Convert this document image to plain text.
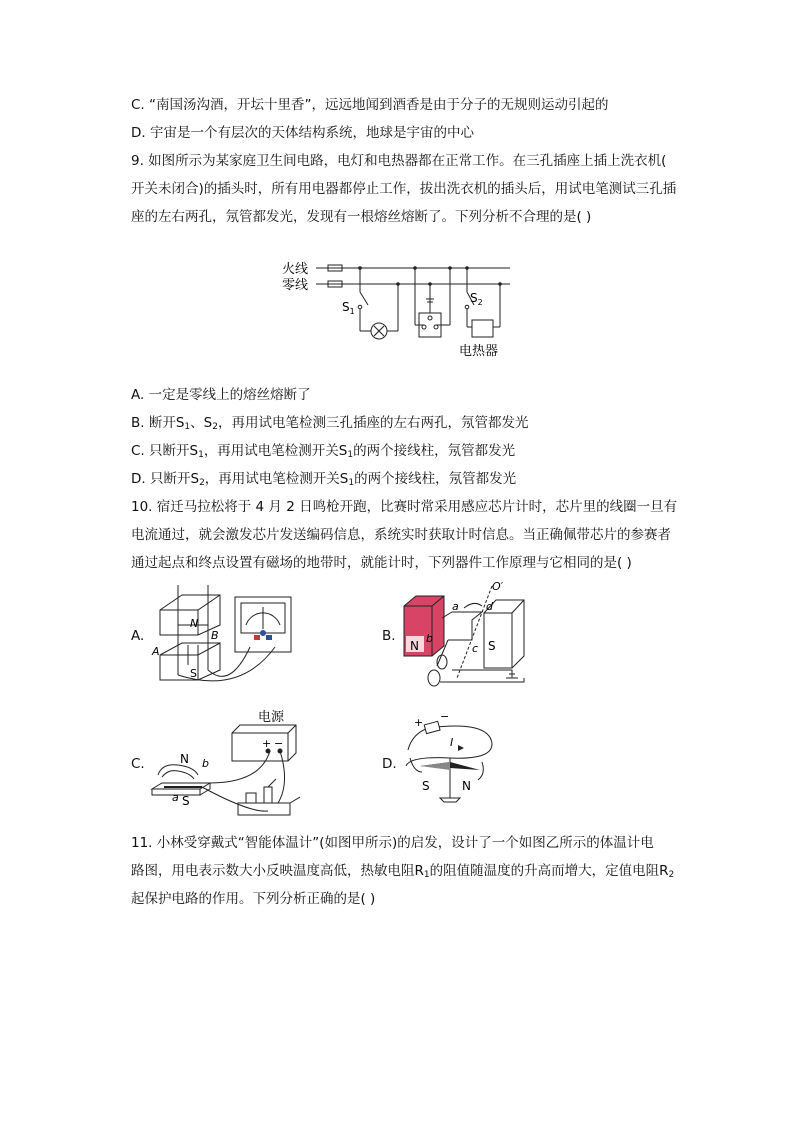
C. “南国汤沟酒，开坛十里香”，远远地闻到酒香是由于分子的无规则运动引起的
D. 宇宙是一个有层次的天体结构系统，地球是宇宙的中心
9. 如图所示为某家庭卫生间电路，电灯和电热器都在正常工作。在三孔插座上插上洗衣机(
开关未闭合)的插头时，所有用电器都停止工作，拔出洗衣机的插头后，用试电笔测试三孔插
座的左右两孔，氖管都发光，发现有一根熔丝熔断了。下列分析不合理的是( )
火线
零线
$S_1$
$S_2$
电热器
A. 一定是零线上的熔丝熔断了
B. 断开$S_1$、$S_2$，再用试电笔检测三孔插座的左右两孔，氖管都发光
C. 只断开$S_1$，再用试电笔检测开关$S_1$的两个接线柱，氖管都发光
D. 只断开$S_2$，再用试电笔检测开关$S_1$的两个接线柱，氖管都发光
10. 宿迁马拉松将于 4 月 2 日鸣枪开跑，比赛时常采用感应芯片计时，芯片里的线圈一旦有
电流通过，就会激发芯片发送编码信息，系统实时获取计时信息。当正确佩带芯片的参赛者
通过起点和终点设置有磁场的地带时，就能计时，下列器件工作原理与它相同的是( )
A.
N
S
A
B	B.
N	S
O′
a
b
c
d
C.
电源
+ −
N
S
a
b	D.
+ −
I
S	N
11. 小林受穿戴式“智能体温计”(如图甲所示)的启发，设计了一个如图乙所示的体温计电
路图，用电表示数大小反映温度高低，热敏电阻$R_1$的阻值随温度的升高而增大，定值电阻$R_2$
起保护电路的作用。下列分析正确的是( )
